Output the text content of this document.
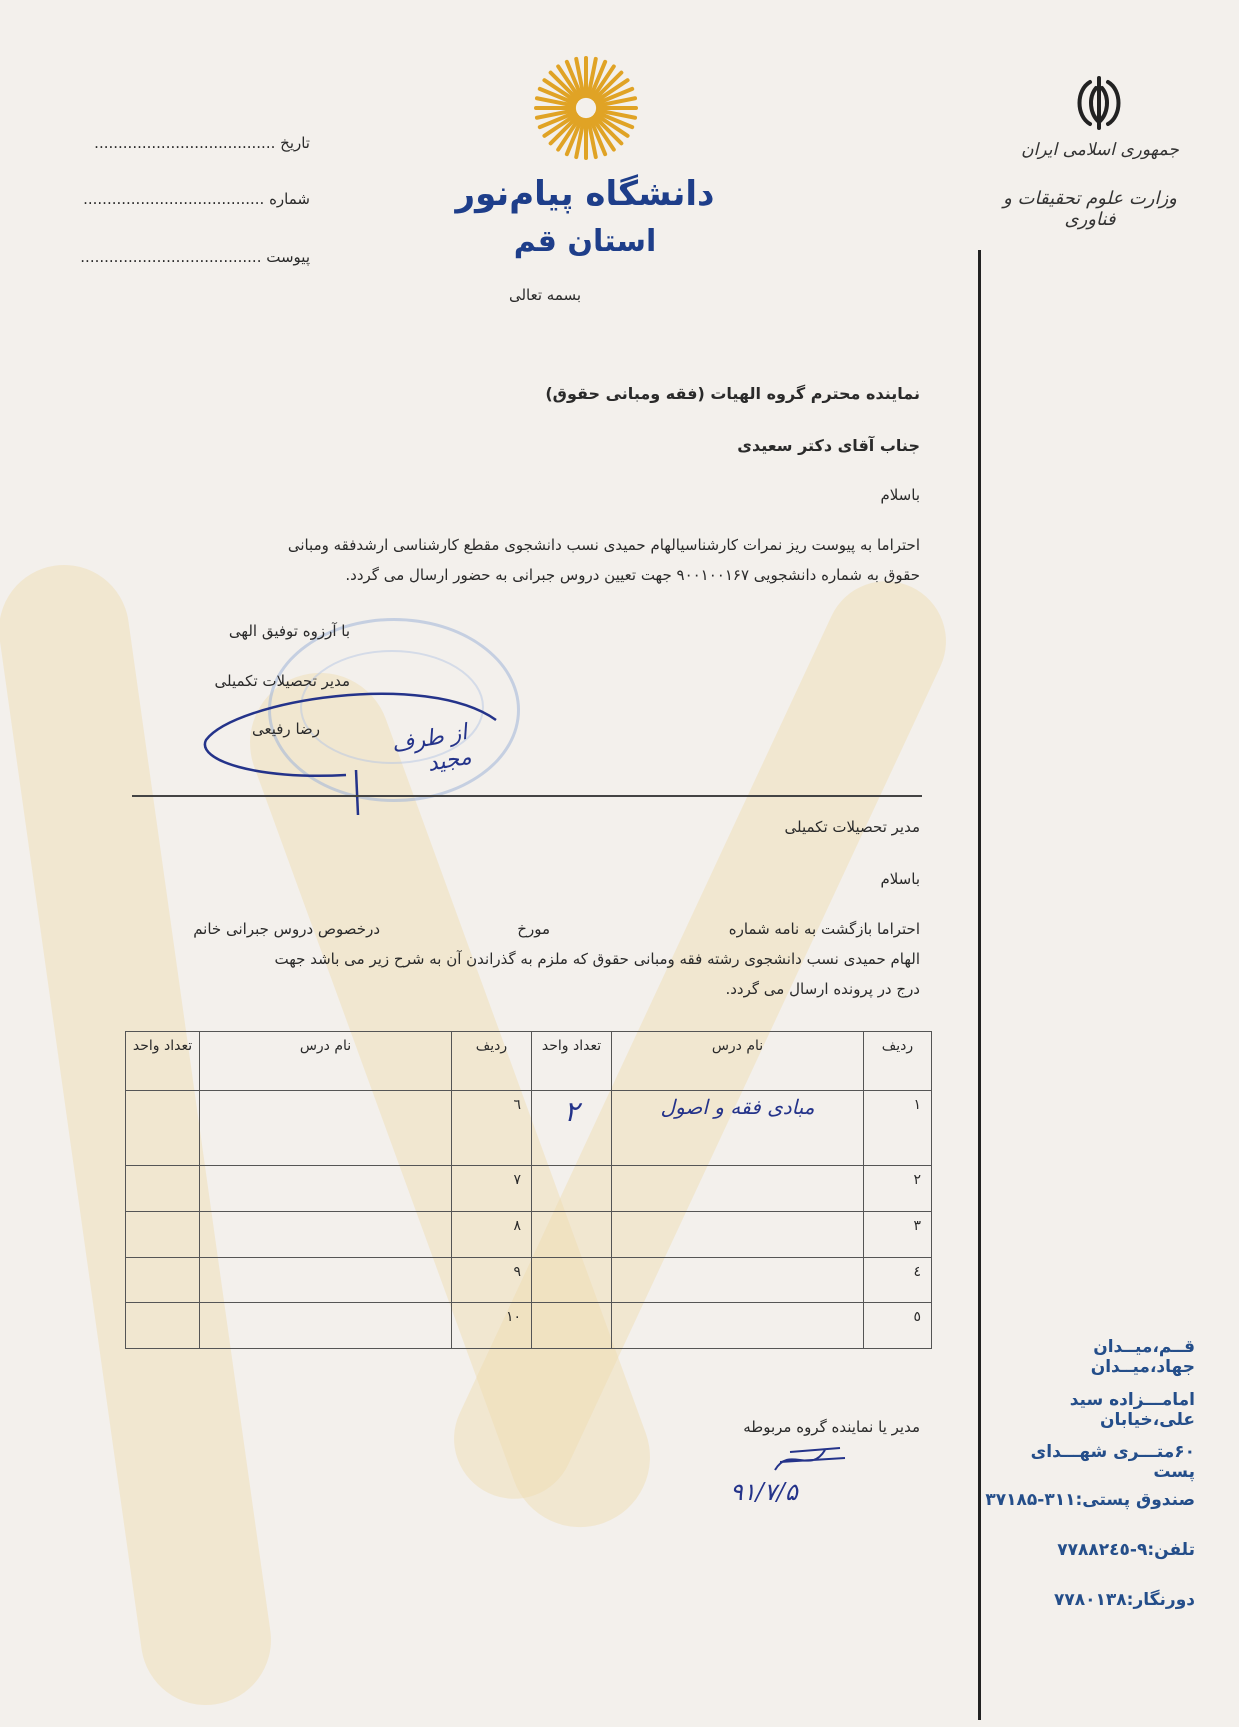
جمهوری اسلامی ایران
وزارت علوم تحقیقات و فناوری
قــم،میــدان جهاد،میــدان
امامـــزاده سید علی،خیابان
۶۰متـــری شهـــدای پست
صندوق پستی:۳۱۱-۳۷۱۸۵
تلفن:۹-۷۷۸۸۲٤٥
دورنگار:۷۷۸۰۱۳۸
دانشگاه پیام‌نور
استان قم
بسمه تعالی
تاریخ ......................................
شماره ......................................
پیوست ......................................
نماینده محترم گروه الهیات (فقه ومبانی حقوق)
جناب آقای دکتر سعیدی
باسلام
احتراما به پیوست ریز نمرات کارشناسیالهام حمیدی نسب دانشجوی مقطع کارشناسی ارشدفقه ومبانی
حقوق به شماره دانشجویی ۹۰۰۱۰۰۱۶۷ جهت تعیین دروس جبرانی به حضور ارسال می گردد.
با آرزوه توفیق الهی
مدیر تحصیلات تکمیلی
رضا رفیعی	از طرف مجید
مدیر تحصیلات تکمیلی
باسلام
احتراما بازگشت به نامه شماره
مورخ
درخصوص دروس جبرانی خانم
الهام حمیدی نسب دانشجوی رشته فقه ومبانی حقوق که ملزم به گذراندن آن به شرح زیر می باشد جهت
درج در پرونده ارسال می گردد.
ردیف	نام درس	تعداد واحد	ردیف	نام درس	تعداد واحد

۱	مبادی فقه و اصول	۲	٦		

۲			۷		

۳			۸		

٤			۹		

٥			۱۰		

مدیر یا نماینده گروه مربوطه
۹۱/۷/۵
